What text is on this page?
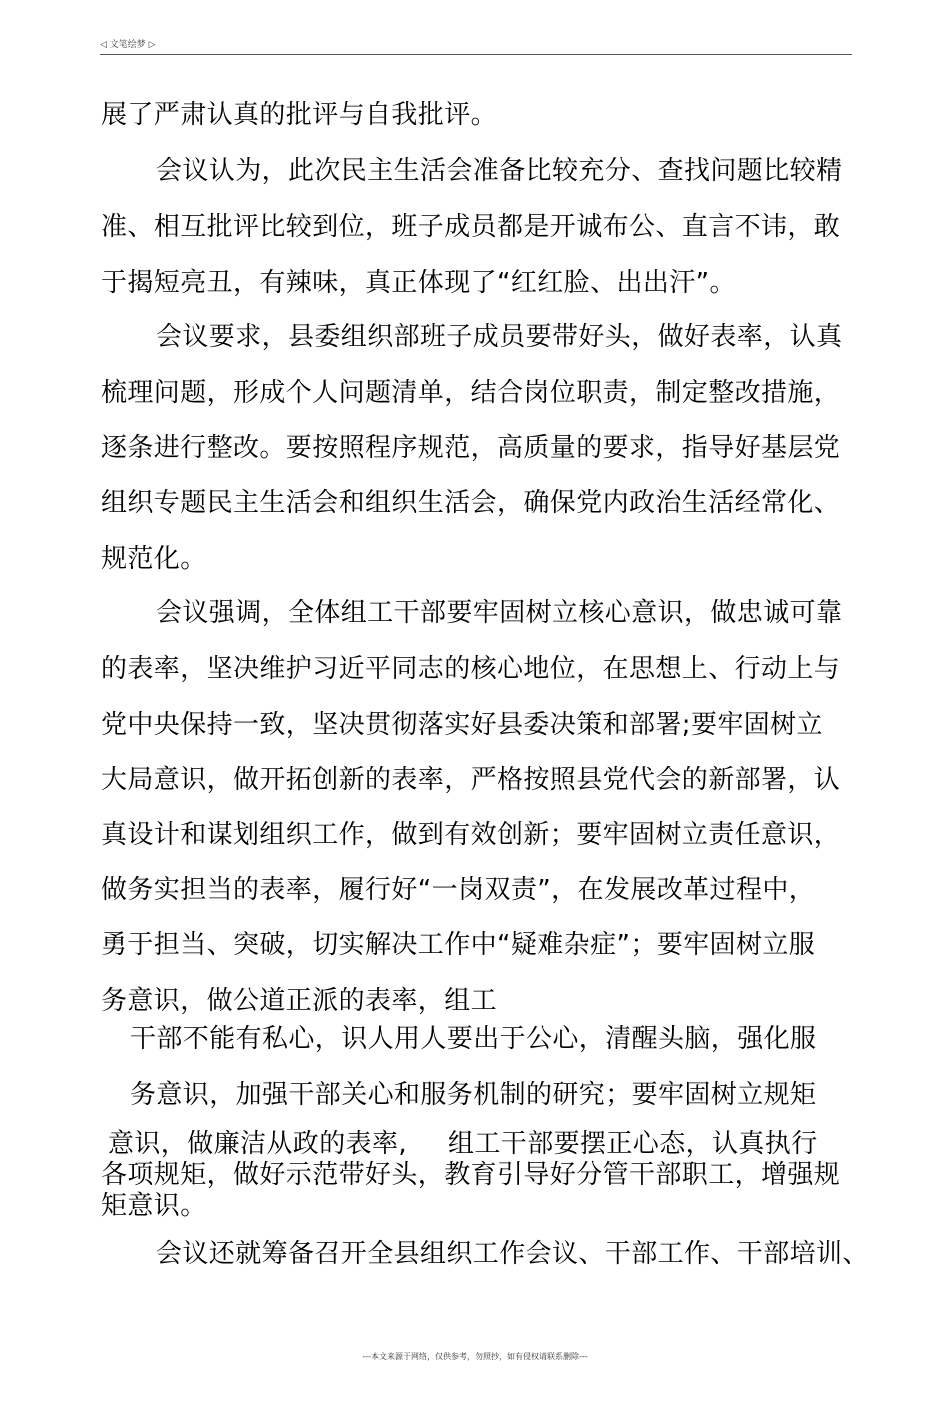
◁ 文笔绘梦 ▷
展了严肃认真的批评与自我批评。
会议认为，此次民主生活会准备比较充分、查找问题比较精
准、相互批评比较到位，班子成员都是开诚布公、直言不讳，敢
于揭短亮丑，有辣味，真正体现了“红红脸、出出汗”。
会议要求，县委组织部班子成员要带好头，做好表率，认真
梳理问题，形成个人问题清单，结合岗位职责，制定整改措施，
逐条进行整改。要按照程序规范，高质量的要求，指导好基层党
组织专题民主生活会和组织生活会，确保党内政治生活经常化、
规范化。
会议强调，全体组工干部要牢固树立核心意识，做忠诚可靠
的表率，坚决维护习近平同志的核心地位，在思想上、行动上与
党中央保持一致，坚决贯彻落实好县委决策和部署;要牢固树立
大局意识，做开拓创新的表率，严格按照县党代会的新部署，认
真设计和谋划组织工作，做到有效创新；要牢固树立责任意识，
做务实担当的表率，履行好“一岗双责”，在发展改革过程中，
勇于担当、突破，切实解决工作中“疑难杂症”；要牢固树立服
务意识，做公道正派的表率，组工
干部不能有私心，识人用人要出于公心，清醒头脑，强化服
务意识，加强干部关心和服务机制的研究；要牢固树立规矩
意识，做廉洁从政的表率, 组工干部要摆正心态，认真执行
各项规矩，做好示范带好头，教育引导好分管干部职工，增强规
矩意识。
会议还就筹备召开全县组织工作会议、干部工作、干部培训、
---本文来源于网络，仅供参考，勿照抄，如有侵权请联系删除---
